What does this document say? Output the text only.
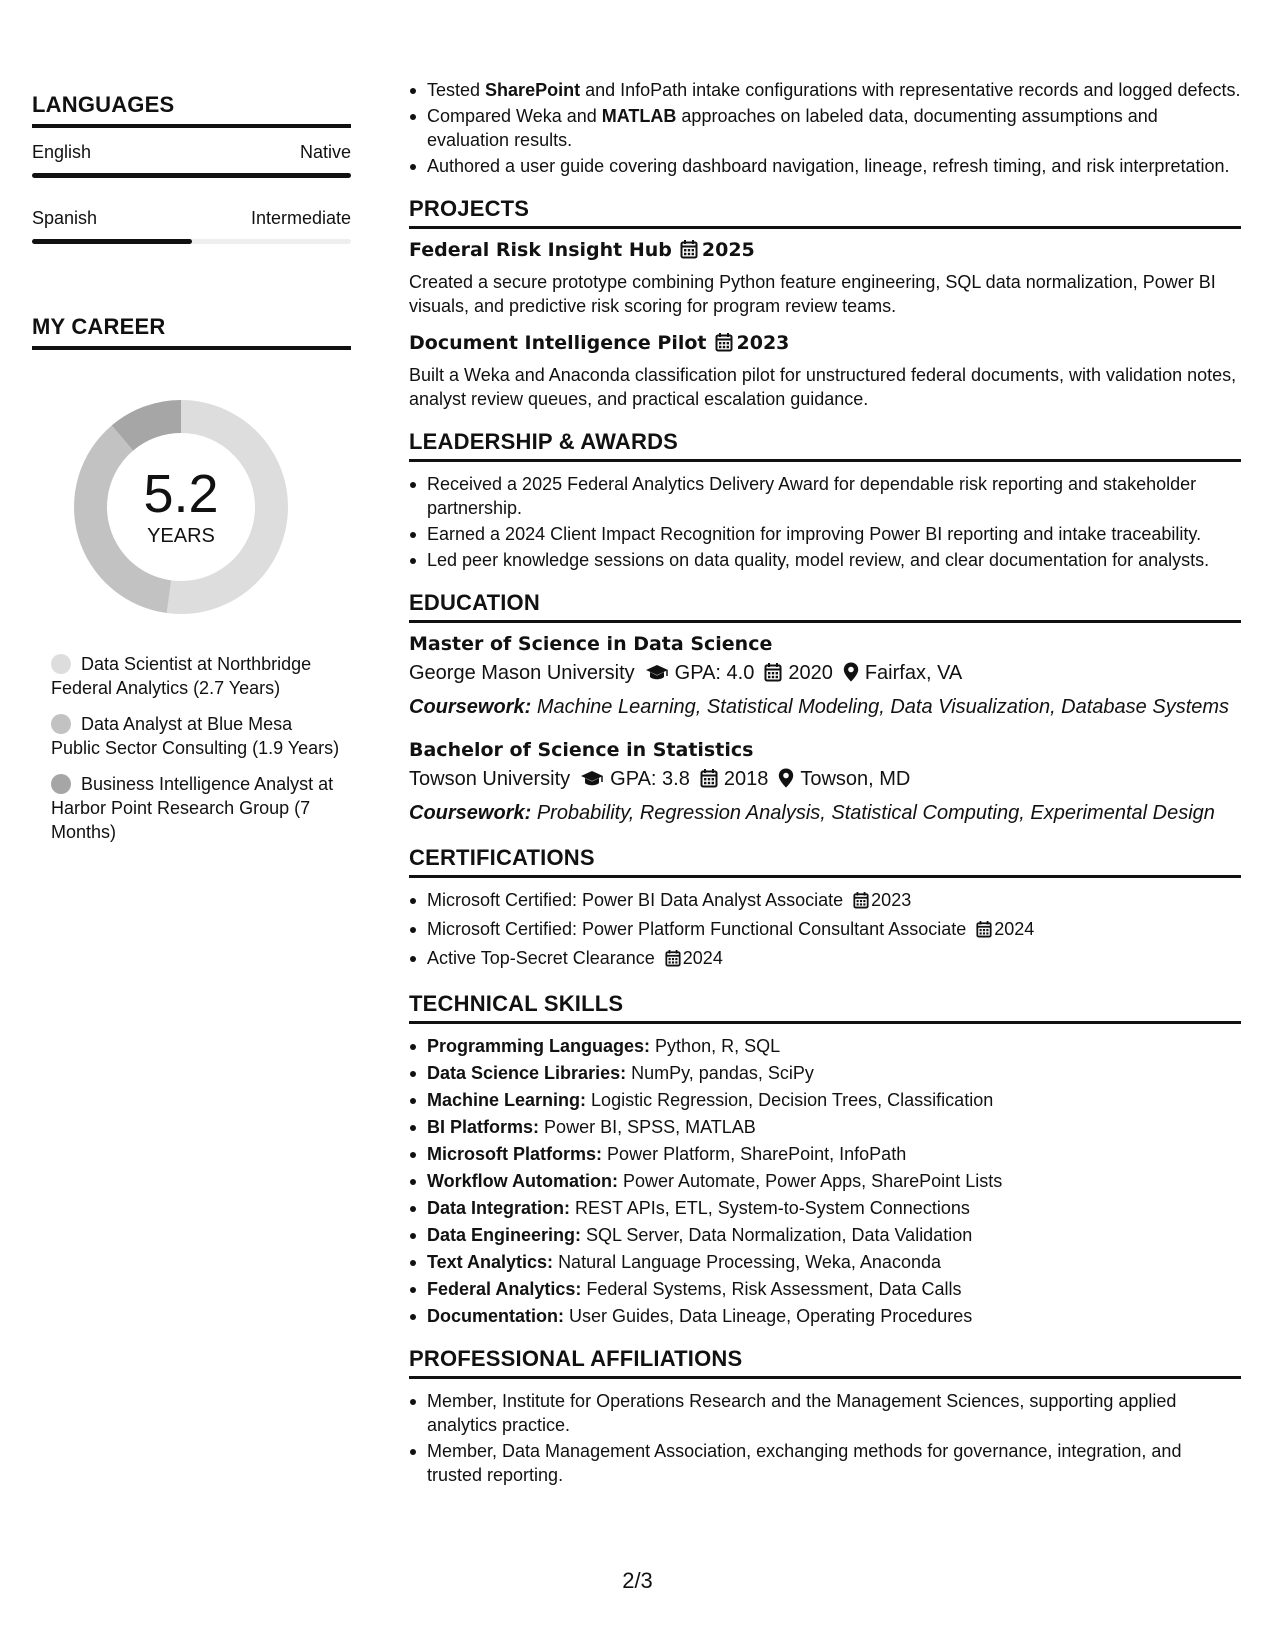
LANGUAGES
English	Native
Spanish	Intermediate
MY CAREER
5.2
YEARS
Data Scientist at Northbridge Federal Analytics (2.7 Years)
Data Analyst at Blue Mesa Public Sector Consulting (1.9 Years)
Business Intelligence Analyst at Harbor Point Research Group (7 Months)
Tested SharePoint and InfoPath intake configurations with representative records and logged defects.
Compared Weka and MATLAB approaches on labeled data, documenting assumptions and evaluation results.
Authored a user guide covering dashboard navigation, lineage, refresh timing, and risk interpretation.
PROJECTS
Federal Risk Insight Hub 2025
Created a secure prototype combining Python feature engineering, SQL data normalization, Power BI visuals, and predictive risk scoring for program review teams.
Document Intelligence Pilot 2023
Built a Weka and Anaconda classification pilot for unstructured federal documents, with validation notes, analyst review queues, and practical escalation guidance.
LEADERSHIP & AWARDS
Received a 2025 Federal Analytics Delivery Award for dependable risk reporting and stakeholder partnership.
Earned a 2024 Client Impact Recognition for improving Power BI reporting and intake traceability.
Led peer knowledge sessions on data quality, model review, and clear documentation for analysts.
EDUCATION
Master of Science in Data Science
George Mason University GPA: 4.0 2020 Fairfax, VA
Coursework: Machine Learning, Statistical Modeling, Data Visualization, Database Systems
Bachelor of Science in Statistics
Towson University GPA: 3.8 2018 Towson, MD
Coursework: Probability, Regression Analysis, Statistical Computing, Experimental Design
CERTIFICATIONS
Microsoft Certified: Power BI Data Analyst Associate 2023
Microsoft Certified: Power Platform Functional Consultant Associate 2024
Active Top-Secret Clearance 2024
TECHNICAL SKILLS
Programming Languages: Python, R, SQL
Data Science Libraries: NumPy, pandas, SciPy
Machine Learning: Logistic Regression, Decision Trees, Classification
BI Platforms: Power BI, SPSS, MATLAB
Microsoft Platforms: Power Platform, SharePoint, InfoPath
Workflow Automation: Power Automate, Power Apps, SharePoint Lists
Data Integration: REST APIs, ETL, System-to-System Connections
Data Engineering: SQL Server, Data Normalization, Data Validation
Text Analytics: Natural Language Processing, Weka, Anaconda
Federal Analytics: Federal Systems, Risk Assessment, Data Calls
Documentation: User Guides, Data Lineage, Operating Procedures
PROFESSIONAL AFFILIATIONS
Member, Institute for Operations Research and the Management Sciences, supporting applied analytics practice.
Member, Data Management Association, exchanging methods for governance, integration, and trusted reporting.
2/3
